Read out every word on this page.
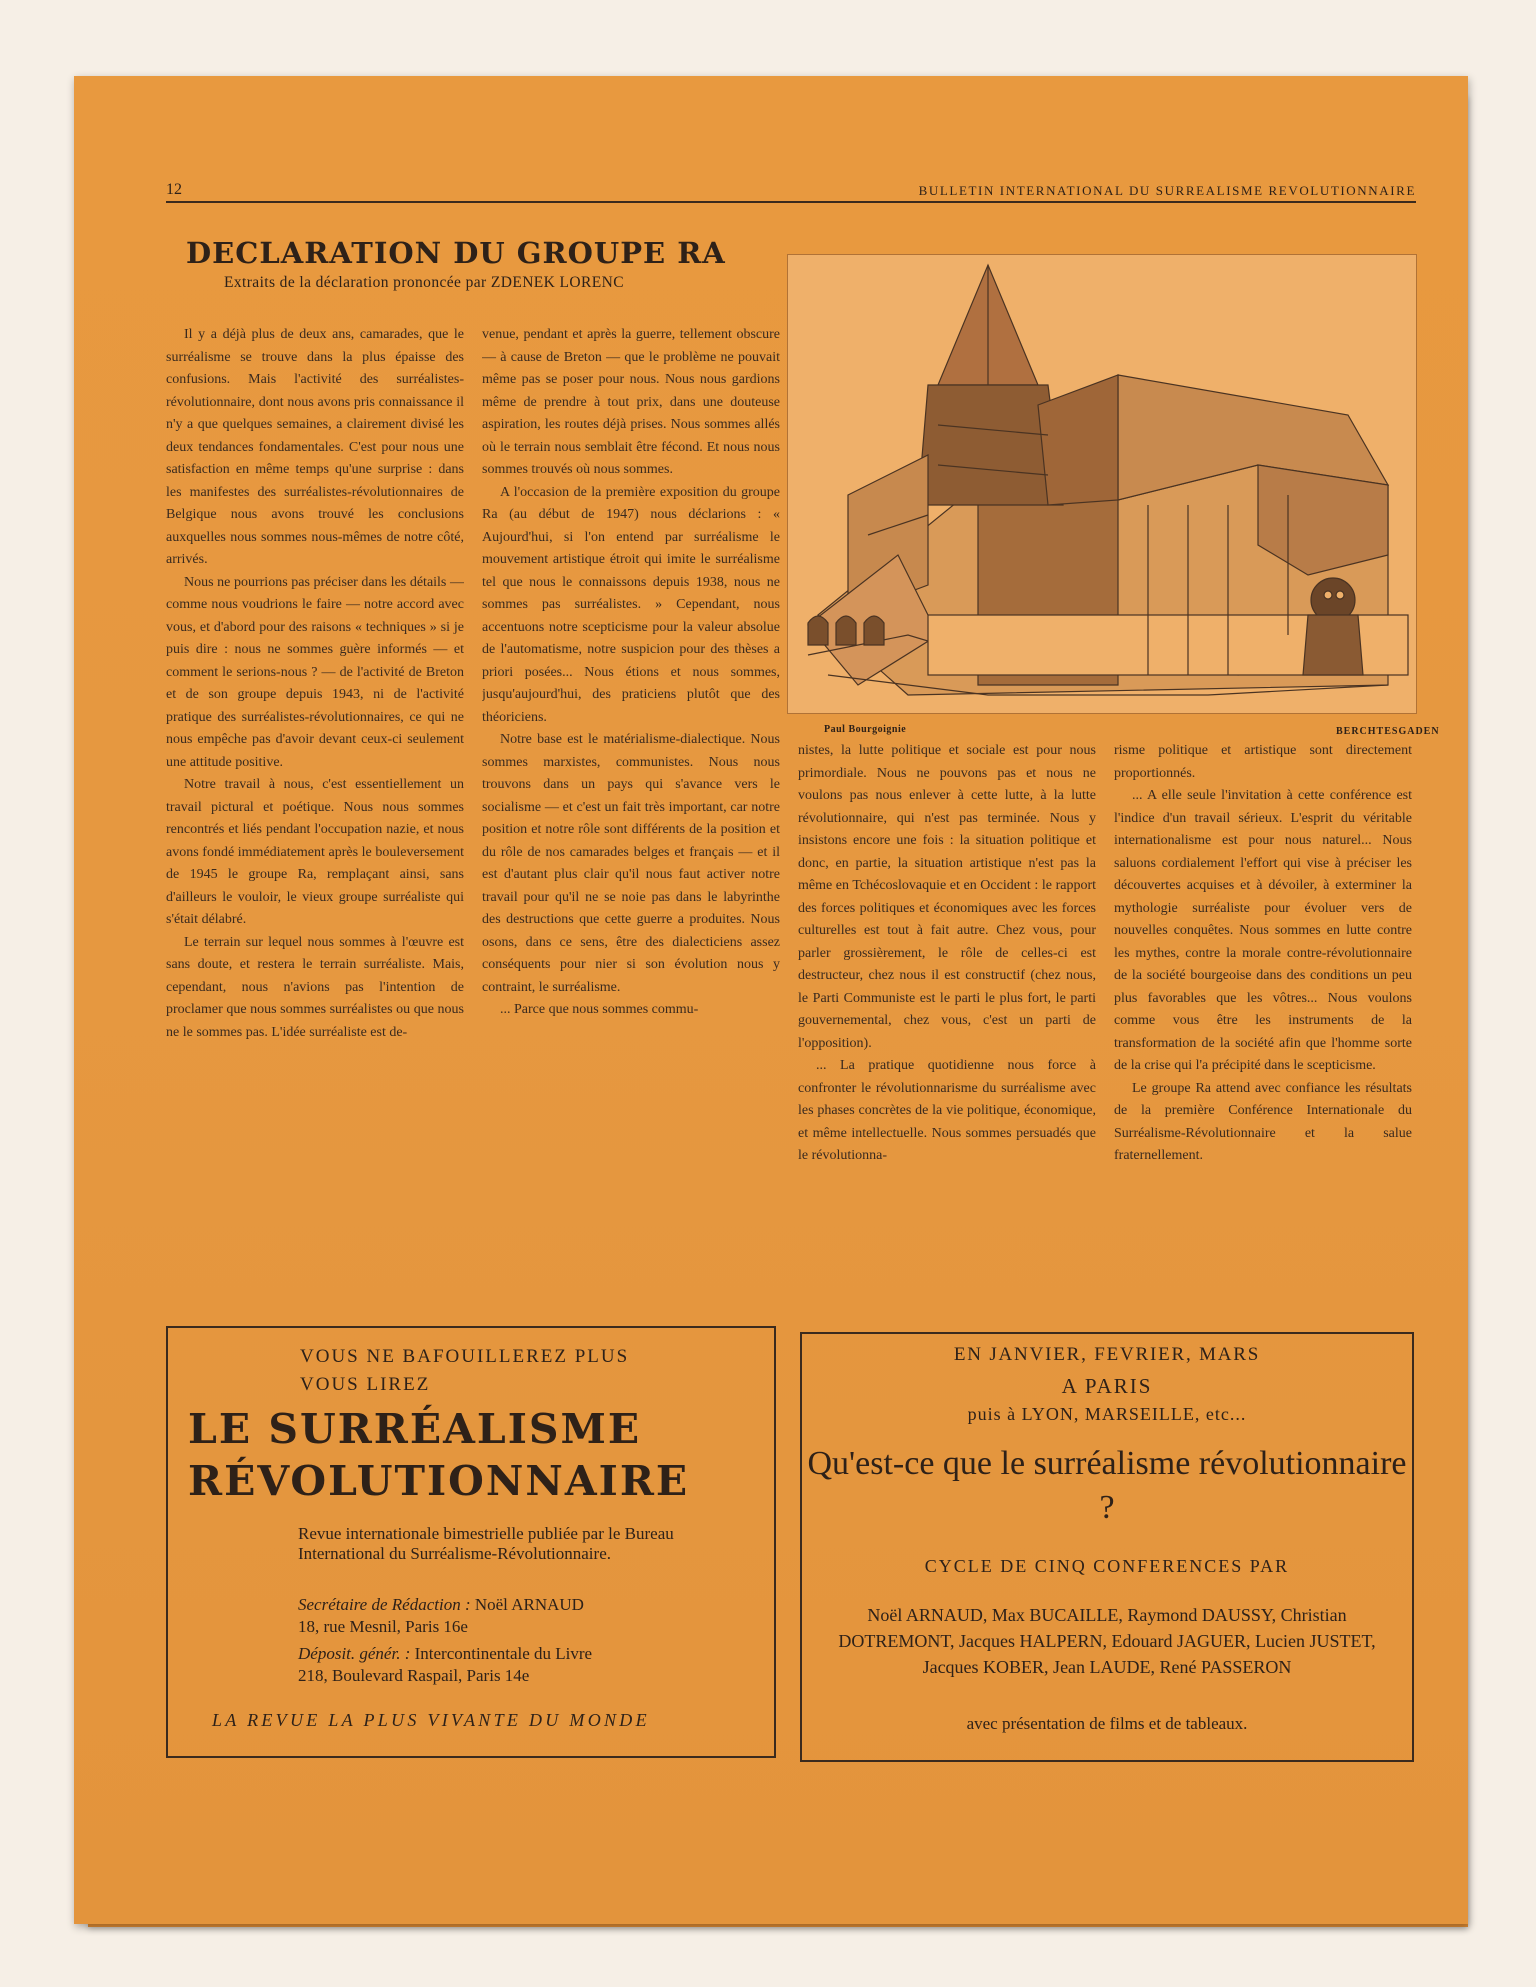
12	BULLETIN INTERNATIONAL DU SURREALISME REVOLUTIONNAIRE
DECLARATION DU GROUPE RA
Extraits de la déclaration prononcée par ZDENEK LORENC

Il y a déjà plus de deux ans, camarades, que le surréalisme se trouve dans la plus épaisse des confusions. Mais l'activité des surréalistes-révolutionnaire, dont nous avons pris connaissance il n'y a que quelques semaines, a clairement divisé les deux tendances fondamentales. C'est pour nous une satisfaction en même temps qu'une surprise : dans les manifestes des surréalistes-révolutionnaires de Belgique nous avons trouvé les conclusions auxquelles nous sommes nous-mêmes de notre côté, arrivés.

Nous ne pourrions pas préciser dans les détails — comme nous voudrions le faire — notre accord avec vous, et d'abord pour des raisons « techniques » si je puis dire : nous ne sommes guère informés — et comment le serions-nous ? — de l'activité de Breton et de son groupe depuis 1943, ni de l'activité pratique des surréalistes-révolutionnaires, ce qui ne nous empêche pas d'avoir devant ceux-ci seulement une attitude positive.

Notre travail à nous, c'est essentiellement un travail pictural et poétique. Nous nous sommes rencontrés et liés pendant l'occupation nazie, et nous avons fondé immédiatement après le bouleversement de 1945 le groupe Ra, remplaçant ainsi, sans d'ailleurs le vouloir, le vieux groupe surréaliste qui s'était délabré.

Le terrain sur lequel nous sommes à l'œuvre est sans doute, et restera le terrain surréaliste. Mais, cependant, nous n'avions pas l'intention de proclamer que nous sommes surréalistes ou que nous ne le sommes pas. L'idée surréaliste est de-

venue, pendant et après la guerre, tellement obscure — à cause de Breton — que le problème ne pouvait même pas se poser pour nous. Nous nous gardions même de prendre à tout prix, dans une douteuse aspiration, les routes déjà prises. Nous sommes allés où le terrain nous semblait être fécond. Et nous nous sommes trouvés où nous sommes.

A l'occasion de la première exposition du groupe Ra (au début de 1947) nous déclarions : « Aujourd'hui, si l'on entend par surréalisme le mouvement artistique étroit qui imite le surréalisme tel que nous le connaissons depuis 1938, nous ne sommes pas surréalistes. » Cependant, nous accentuons notre scepticisme pour la valeur absolue de l'automatisme, notre suspicion pour des thèses a priori posées... Nous étions et nous sommes, jusqu'aujourd'hui, des praticiens plutôt que des théoriciens.

Notre base est le matérialisme-dialectique. Nous sommes marxistes, communistes. Nous nous trouvons dans un pays qui s'avance vers le socialisme — et c'est un fait très important, car notre position et notre rôle sont différents de la position et du rôle de nos camarades belges et français — et il est d'autant plus clair qu'il nous faut activer notre travail pour qu'il ne se noie pas dans le labyrinthe des destructions que cette guerre a produites. Nous osons, dans ce sens, être des dialecticiens assez conséquents pour nier si son évolution nous y contraint, le surréalisme.

... Parce que nous sommes commu-

nistes, la lutte politique et sociale est pour nous primordiale. Nous ne pouvons pas et nous ne voulons pas nous enlever à cette lutte, à la lutte révolutionnaire, qui n'est pas terminée. Nous y insistons encore une fois : la situation politique et donc, en partie, la situation artistique n'est pas la même en Tchécoslovaquie et en Occident : le rapport des forces politiques et économiques avec les forces culturelles est tout à fait autre. Chez vous, pour parler grossièrement, le rôle de celles-ci est destructeur, chez nous il est constructif (chez nous, le Parti Communiste est le parti le plus fort, le parti gouvernemental, chez vous, c'est un parti de l'opposition).

... La pratique quotidienne nous force à confronter le révolutionnarisme du surréalisme avec les phases concrètes de la vie politique, économique, et même intellectuelle. Nous sommes persuadés que le révolutionna-

risme politique et artistique sont directement proportionnés.

... A elle seule l'invitation à cette conférence est l'indice d'un travail sérieux. L'esprit du véritable internationalisme est pour nous naturel... Nous saluons cordialement l'effort qui vise à préciser les découvertes acquises et à dévoiler, à exterminer la mythologie surréaliste pour évoluer vers de nouvelles conquêtes. Nous sommes en lutte contre les mythes, contre la morale contre-révolutionnaire de la société bourgeoise dans des conditions un peu plus favorables que les vôtres... Nous voulons comme vous être les instruments de la transformation de la société afin que l'homme sorte de la crise qui l'a précipité dans le scepticisme.

Le groupe Ra attend avec confiance les résultats de la première Conférence Internationale du Surréalisme-Révolutionnaire et la salue fraternellement.

Paul Bourgoignie	BERCHTESGADEN
VOUS NE BAFOUILLEREZ PLUS
VOUS LIREZ
LE SURRÉALISME
RÉVOLUTIONNAIRE
Revue internationale bimestrielle publiée par le Bureau International du Surréalisme-Révolutionnaire.
Secrétaire de Rédaction : Noël ARNAUD
18, rue Mesnil, Paris 16e
Déposit. génér. : Intercontinentale du Livre
218, Boulevard Raspail, Paris 14e
LA REVUE LA PLUS VIVANTE DU MONDE
EN JANVIER, FEVRIER, MARS
A PARIS
puis à LYON, MARSEILLE, etc...
Qu'est-ce que le surréalisme révolutionnaire ?
CYCLE DE CINQ CONFERENCES PAR
Noël ARNAUD, Max BUCAILLE, Raymond DAUSSY, Christian DOTREMONT, Jacques HALPERN, Edouard JAGUER, Lucien JUSTET, Jacques KOBER, Jean LAUDE, René PASSERON
avec présentation de films et de tableaux.
